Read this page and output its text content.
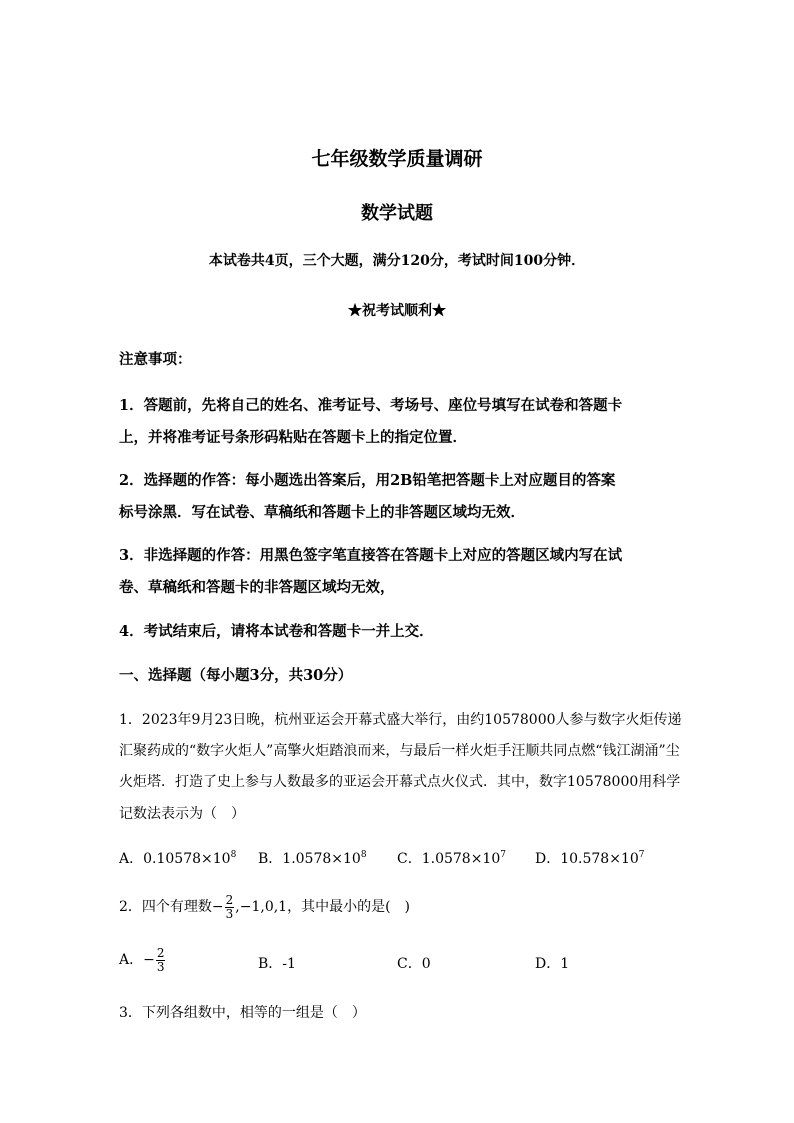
七年级数学质量调研
数学试题
本试卷共4页，三个大题，满分120分，考试时间100分钟．
★祝考试顺利★
注意事项：
1．答题前，先将自己的姓名、准考证号、考场号、座位号填写在试卷和答题卡
上，并将准考证号条形码粘贴在答题卡上的指定位置．
2．选择题的作答：每小题选出答案后，用2B铅笔把答题卡上对应题目的答案
标号涂黑．写在试卷、草稿纸和答题卡上的非答题区域均无效．
3．非选择题的作答：用黑色签字笔直接答在答题卡上对应的答题区域内写在试
卷、草稿纸和答题卡的非答题区域均无效，
4．考试结束后，请将本试卷和答题卡一并上交．
一、选择题（每小题3分，共30分）
1．2023年9月23日晚，杭州亚运会开幕式盛大举行，由约10578000人参与数字火炬传递
汇聚药成的“数字火炬人”高擎火炬踏浪而来，与最后一样火炬手汪顺共同点燃“钱江湖涌”尘
火炬塔．打造了史上参与人数最多的亚运会开幕式点火仪式．其中，数字10578000用科学
记数法表示为（　）
A．$0.10578\times 10^8$ B．$1.0578\times 10^8$ C．$1.0578\times 10^7$ D．$10.578\times 10^7$
2．四个有理数− $\frac{2}{3} ,-1,0,1$，其中最小的是(　)
A．− $\frac{2}{3}$	B．-1	C．0	D．1
3．下列各组数中，相等的一组是（　）
